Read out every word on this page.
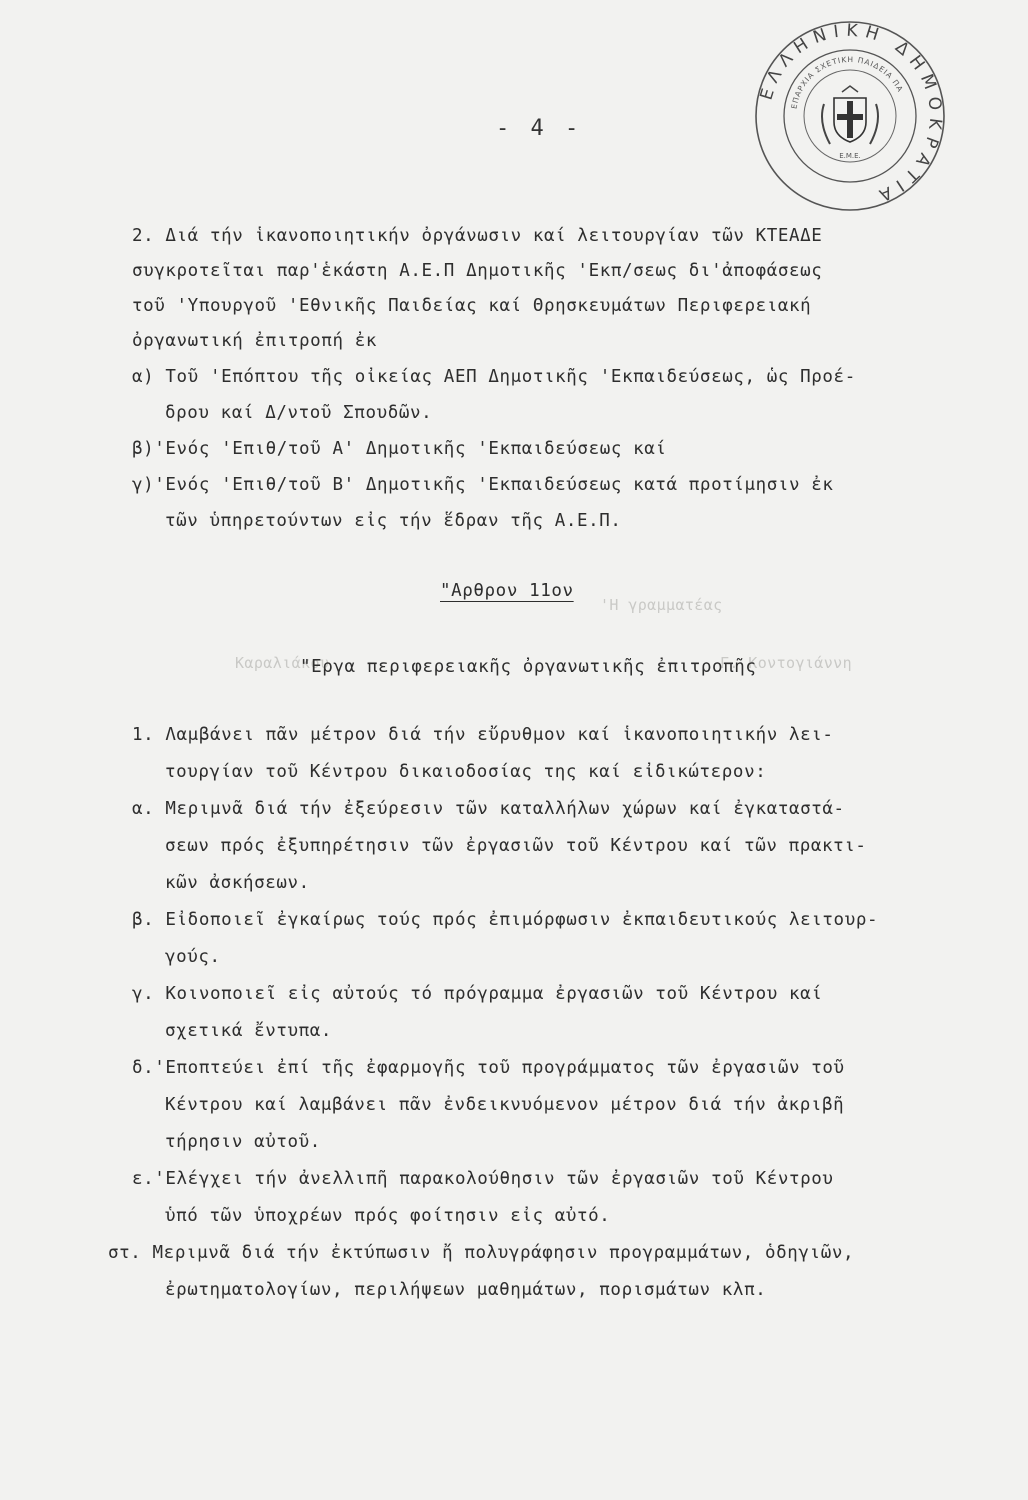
'Η γραμματέας
Γ. Κοντογιάννη
Καραλιάκου
ΕΛΛΗΝΙΚΗ ΔΗΜΟΚΡΑΤΙΑ
ΕΠΑΡΧΙΑ ΣΧΕΤΙΚΗ ΠΑΙΔΕΙΑ ΠΑ
Ε.Μ.Ε.
- 4 -
2. Διά τήν ἱκανοποιητικήν ὀργάνωσιν καί λειτουργίαν τῶν ΚΤΕΑΔΕ
συγκροτεῖται παρ'ἑκάστη Α.Ε.Π Δημοτικῆς 'Εκπ/σεως δι'ἀποφάσεως
τοῦ 'Υπουργοῦ 'Εθνικῆς Παιδείας καί Θρησκευμάτων Περιφερειακή
ὀργανωτική ἐπιτροπή ἐκ
α) Τοῦ 'Επόπτου τῆς οἰκείας ΑΕΠ Δημοτικῆς 'Εκπαιδεύσεως, ὡς Προέ-
δρου καί Δ/ντοῦ Σπουδῶν.
β)'Ενός 'Επιθ/τοῦ Α' Δημοτικῆς 'Εκπαιδεύσεως καί
γ)'Ενός 'Επιθ/τοῦ Β' Δημοτικῆς 'Εκπαιδεύσεως κατά προτίμησιν ἐκ
τῶν ὑπηρετούντων εἰς τήν ἕδραν τῆς Α.Ε.Π.
"Αρθρον 11ον
"Εργα περιφερειακῆς ὀργανωτικῆς ἐπιτροπῆς
1. Λαμβάνει πᾶν μέτρον διά τήν εὔρυθμον καί ἱκανοποιητικήν λει-
τουργίαν τοῦ Κέντρου δικαιοδοσίας της καί εἰδικώτερον:
α. Μεριμνᾶ διά τήν ἐξεύρεσιν τῶν καταλλήλων χώρων καί ἐγκαταστά-
σεων πρός ἐξυπηρέτησιν τῶν ἐργασιῶν τοῦ Κέντρου καί τῶν πρακτι-
κῶν ἀσκήσεων.
β. Εἰδοποιεῖ ἐγκαίρως τούς πρός ἐπιμόρφωσιν ἐκπαιδευτικούς λειτουρ-
γούς.
γ. Κοινοποιεῖ εἰς αὐτούς τό πρόγραμμα ἐργασιῶν τοῦ Κέντρου καί
σχετικά ἔντυπα.
δ.'Εποπτεύει ἐπί τῆς ἐφαρμογῆς τοῦ προγράμματος τῶν ἐργασιῶν τοῦ
Κέντρου καί λαμβάνει πᾶν ἐνδεικνυόμενον μέτρον διά τήν ἀκριβῆ
τήρησιν αὐτοῦ.
ε.'Ελέγχει τήν ἀνελλιπῆ παρακολούθησιν τῶν ἐργασιῶν τοῦ Κέντρου
ὑπό τῶν ὑποχρέων πρός φοίτησιν εἰς αὐτό.
στ. Μεριμνᾶ διά τήν ἐκτύπωσιν ἤ πολυγράφησιν προγραμμάτων, ὁδηγιῶν,
ἐρωτηματολογίων, περιλήψεων μαθημάτων, πορισμάτων κλπ.
